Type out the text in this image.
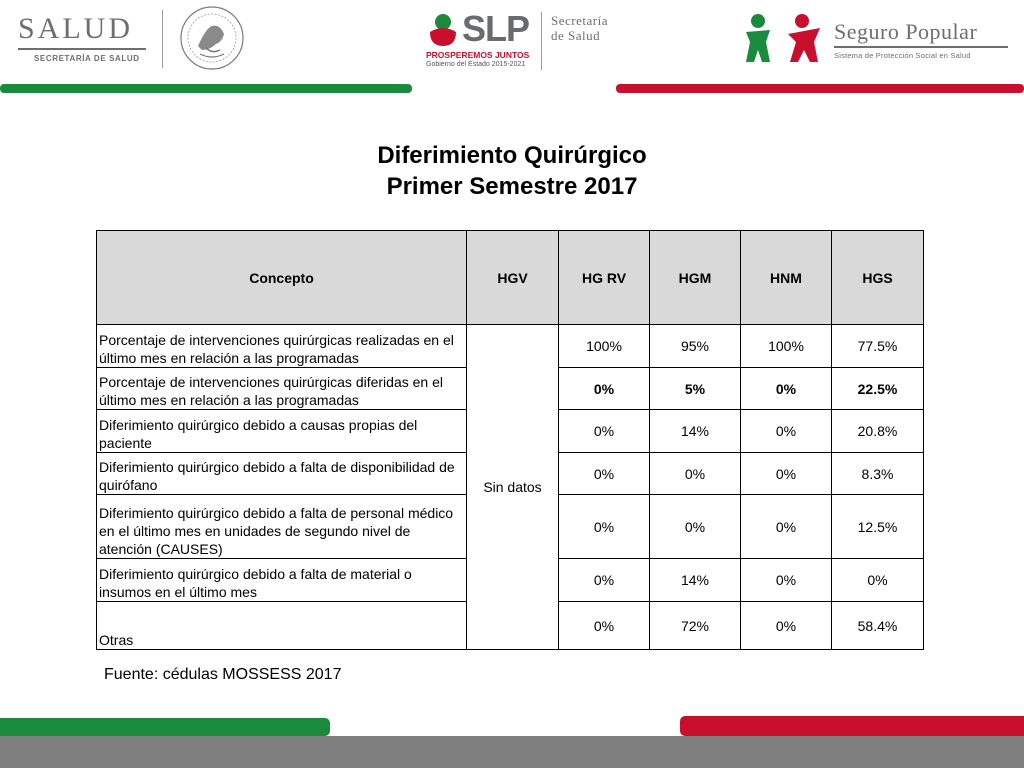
SALUD
SECRETARÍA DE SALUD
SLP
PROSPEREMOS JUNTOS
Gobierno del Estado 2015-2021
Secretaría
de Salud	Seguro Popular
Sistema de Protección Social en Salud
Diferimiento Quirúrgico
Primer Semestre 2017
Concepto	HGV	HG RV	HGM	HNM	HGS
Porcentaje de intervenciones quirúrgicas realizadas en el último mes en relación a las programadas	Sin datos	100%	95%	100%	77.5%
Porcentaje de intervenciones quirúrgicas diferidas en el último mes en relación a las programadas		0%	5%	0%	22.5%
Diferimiento quirúrgico debido a causas propias del paciente		0%	14%	0%	20.8%
Diferimiento quirúrgico debido a falta de disponibilidad de quirófano		0%	0%	0%	8.3%
Diferimiento quirúrgico debido a falta de personal médico en el último mes en unidades de segundo nivel de atención (CAUSES)		0%	0%	0%	12.5%
Diferimiento quirúrgico debido a falta de material o insumos en el último mes		0%	14%	0%	0%
Otras		0%	72%	0%	58.4%
Fuente: cédulas MOSSESS 2017
